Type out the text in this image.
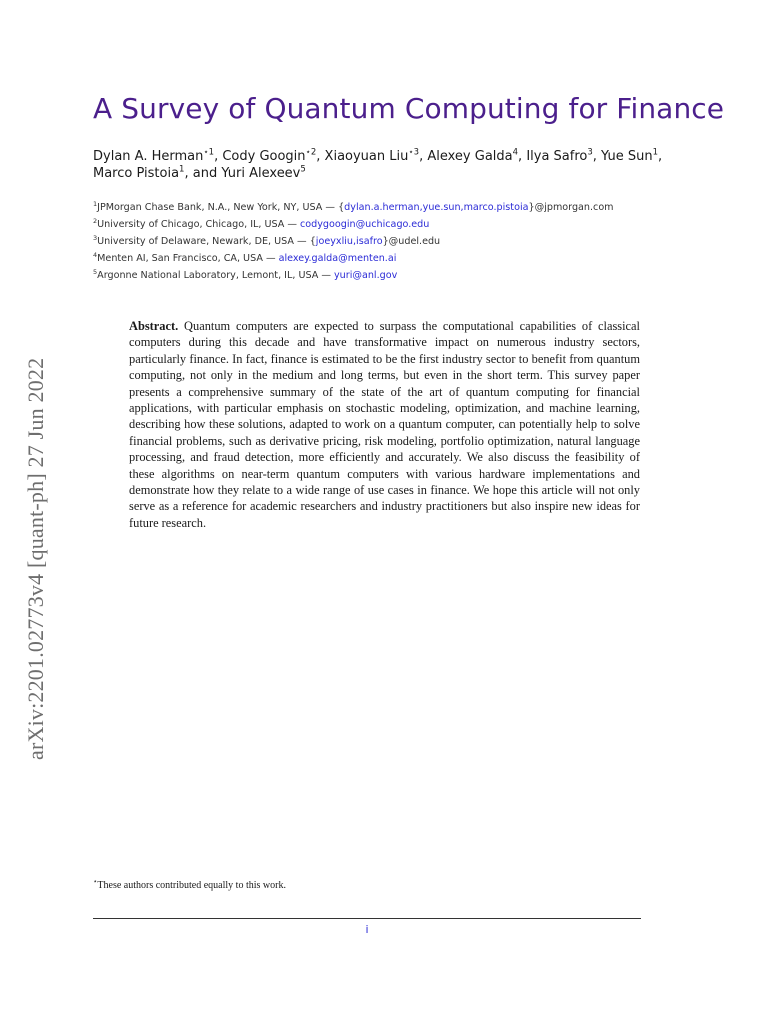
arXiv:2201.02773v4 [quant-ph] 27 Jun 2022
A Survey of Quantum Computing for Finance
Dylan A. Herman$^{⋆1}$, Cody Googin$^{⋆2}$, Xiaoyuan Liu$^{⋆3}$, Alexey Galda$^4$, Ilya Safro$^3$, Yue Sun$^1$,
Marco Pistoia$^1$, and Yuri Alexeev$^5$
$^1$JPMorgan Chase Bank, N.A., New York, NY, USA — {dylan.a.herman,yue.sun,marco.pistoia}@jpmorgan.com
$^2$University of Chicago, Chicago, IL, USA — codygoogin@uchicago.edu
$^3$University of Delaware, Newark, DE, USA — {joeyxliu,isafro}@udel.edu
$^4$Menten AI, San Francisco, CA, USA — alexey.galda@menten.ai
$^5$Argonne National Laboratory, Lemont, IL, USA — yuri@anl.gov
Abstract. Quantum computers are expected to surpass the computational capabilities of classical computers during this decade and have transformative impact on numerous industry sectors, particularly finance. In fact, finance is estimated to be the first industry sector to benefit from quantum computing, not only in the medium and long terms, but even in the short term. This survey paper presents a comprehensive summary of the state of the art of quantum computing for financial applications, with particular emphasis on stochastic modeling, optimization, and machine learning, describing how these solutions, adapted to work on a quantum computer, can potentially help to solve financial problems, such as derivative pricing, risk modeling, portfolio optimization, natural language processing, and fraud detection, more efficiently and accurately. We also discuss the feasibility of these algorithms on near-term quantum computers with various hardware implementations and demonstrate how they relate to a wide range of use cases in finance. We hope this article will not only serve as a reference for academic researchers and industry practitioners but also inspire new ideas for future research.
⋆These authors contributed equally to this work.
i
